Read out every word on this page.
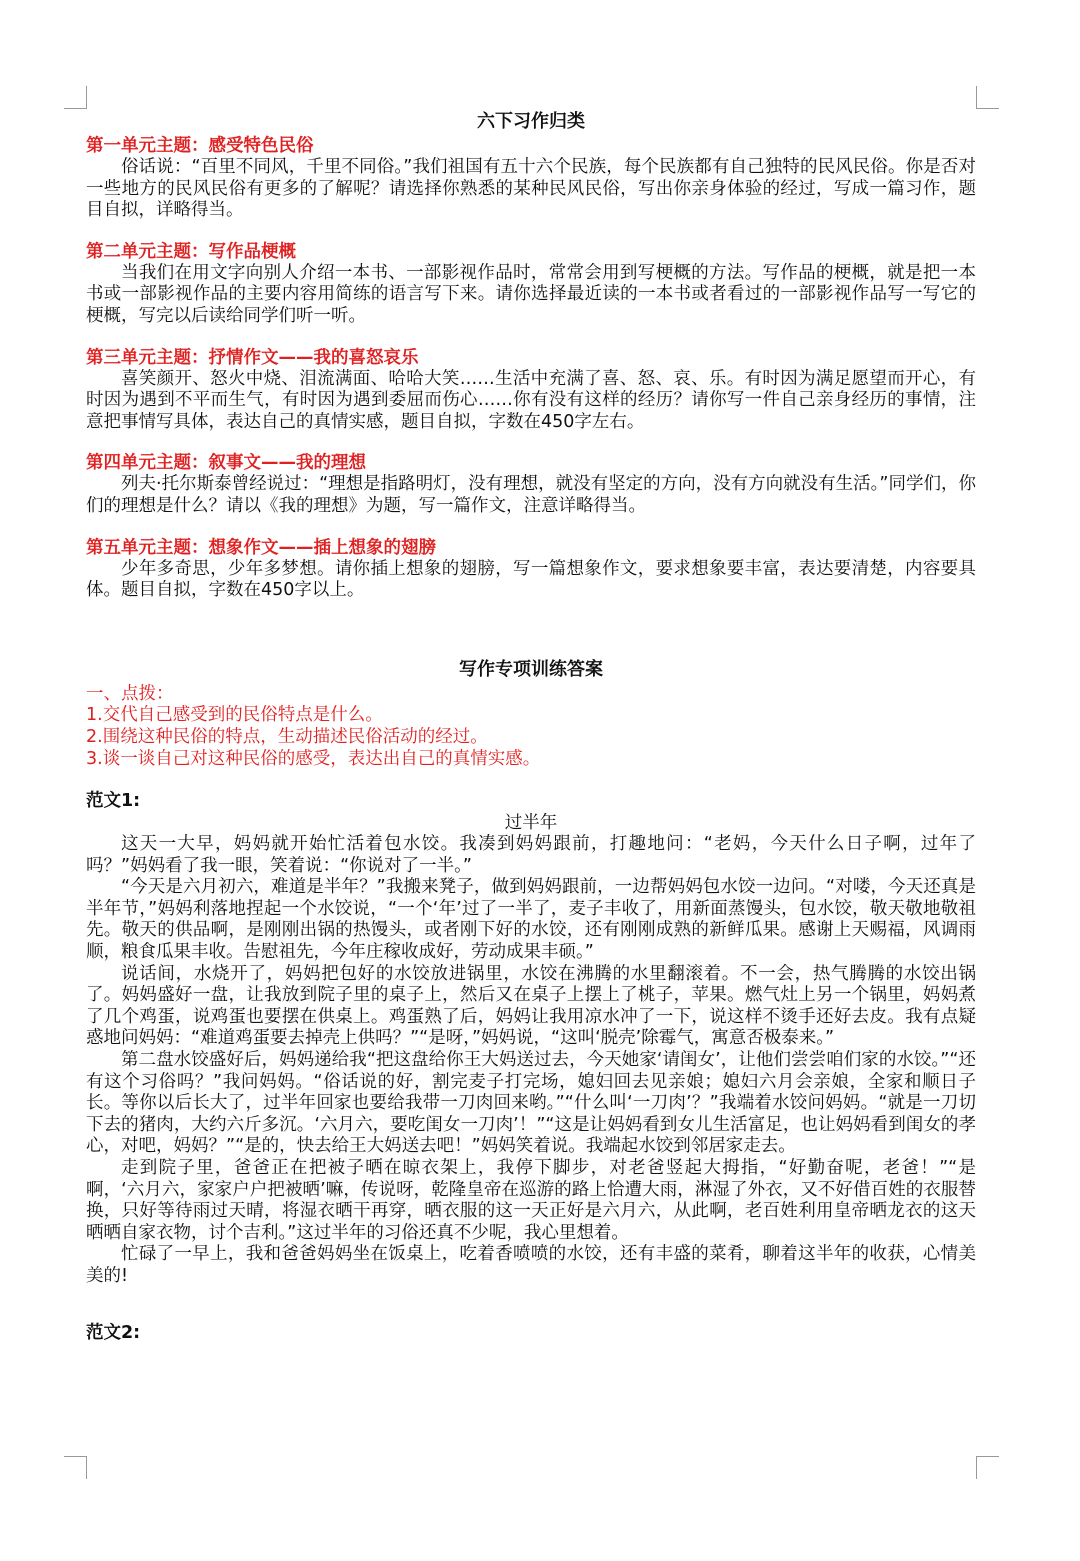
六下习作归类

第一单元主题：感受特色民俗

俗话说：“百里不同风，千里不同俗。”我们祖国有五十六个民族，每个民族都有自己独特的民风民俗。你是否对一些地方的民风民俗有更多的了解呢？请选择你熟悉的某种民风民俗，写出你亲身体验的经过，写成一篇习作，题目自拟，详略得当。

第二单元主题：写作品梗概

当我们在用文字向别人介绍一本书、一部影视作品时，常常会用到写梗概的方法。写作品的梗概，就是把一本书或一部影视作品的主要内容用简练的语言写下来。请你选择最近读的一本书或者看过的一部影视作品写一写它的梗概，写完以后读给同学们听一听。

第三单元主题：抒情作文——我的喜怒哀乐

喜笑颜开、怒火中烧、泪流满面、哈哈大笑……生活中充满了喜、怒、哀、乐。有时因为满足愿望而开心，有时因为遇到不平而生气，有时因为遇到委屈而伤心……你有没有这样的经历？请你写一件自己亲身经历的事情，注意把事情写具体，表达自己的真情实感，题目自拟，字数在450字左右。

第四单元主题：叙事文——我的理想

列夫·托尔斯泰曾经说过：“理想是指路明灯，没有理想，就没有坚定的方向，没有方向就没有生活。”同学们，你们的理想是什么？请以《我的理想》为题，写一篇作文，注意详略得当。

第五单元主题：想象作文——插上想象的翅膀

少年多奇思，少年多梦想。请你插上想象的翅膀，写一篇想象作文，要求想象要丰富，表达要清楚，内容要具体。题目自拟，字数在450字以上。

写作专项训练答案

一、点拨：

1.交代自己感受到的民俗特点是什么。

2.围绕这种民俗的特点，生动描述民俗活动的经过。

3.谈一谈自己对这种民俗的感受，表达出自己的真情实感。

范文1:

过半年

这天一大早，妈妈就开始忙活着包水饺。我凑到妈妈跟前，打趣地问：“老妈，今天什么日子啊，过年了吗？”妈妈看了我一眼，笑着说：“你说对了一半。”

“今天是六月初六，难道是半年？”我搬来凳子，做到妈妈跟前，一边帮妈妈包水饺一边问。“对喽，今天还真是半年节，”妈妈利落地捏起一个水饺说，“一个‘年’过了一半了，麦子丰收了，用新面蒸馒头，包水饺，敬天敬地敬祖先。敬天的供品啊，是刚刚出锅的热馒头，或者刚下好的水饺，还有刚刚成熟的新鲜瓜果。感谢上天赐福，风调雨顺，粮食瓜果丰收。告慰祖先，今年庄稼收成好，劳动成果丰硕。”

说话间，水烧开了，妈妈把包好的水饺放进锅里，水饺在沸腾的水里翻滚着。不一会，热气腾腾的水饺出锅了。妈妈盛好一盘，让我放到院子里的桌子上，然后又在桌子上摆上了桃子，苹果。燃气灶上另一个锅里，妈妈煮了几个鸡蛋，说鸡蛋也要摆在供桌上。鸡蛋熟了后，妈妈让我用凉水冲了一下，说这样不烫手还好去皮。我有点疑惑地问妈妈：“难道鸡蛋要去掉壳上供吗？”“是呀，”妈妈说，“这叫‘脱壳’除霉气，寓意否极泰来。”

第二盘水饺盛好后，妈妈递给我“把这盘给你王大妈送过去，今天她家‘请闺女’，让他们尝尝咱们家的水饺。”“还有这个习俗吗？”我问妈妈。“俗话说的好，割完麦子打完场，媳妇回去见亲娘；媳妇六月会亲娘，全家和顺日子长。等你以后长大了，过半年回家也要给我带一刀肉回来哟。”“什么叫‘一刀肉’？”我端着水饺问妈妈。“就是一刀切下去的猪肉，大约六斤多沉。‘六月六，要吃闺女一刀肉’！”“这是让妈妈看到女儿生活富足，也让妈妈看到闺女的孝心，对吧，妈妈？”“是的，快去给王大妈送去吧！”妈妈笑着说。我端起水饺到邻居家走去。

走到院子里，爸爸正在把被子晒在晾衣架上，我停下脚步，对老爸竖起大拇指，“好勤奋呢，老爸！”“是啊，‘六月六，家家户户把被晒’嘛，传说呀，乾隆皇帝在巡游的路上恰遭大雨，淋湿了外衣，又不好借百姓的衣服替换，只好等待雨过天晴，将湿衣晒干再穿，晒衣服的这一天正好是六月六，从此啊，老百姓利用皇帝晒龙衣的这天晒晒自家衣物，讨个吉利。”这过半年的习俗还真不少呢，我心里想着。

忙碌了一早上，我和爸爸妈妈坐在饭桌上，吃着香喷喷的水饺，还有丰盛的菜肴，聊着这半年的收获，心情美美的!

范文2:
